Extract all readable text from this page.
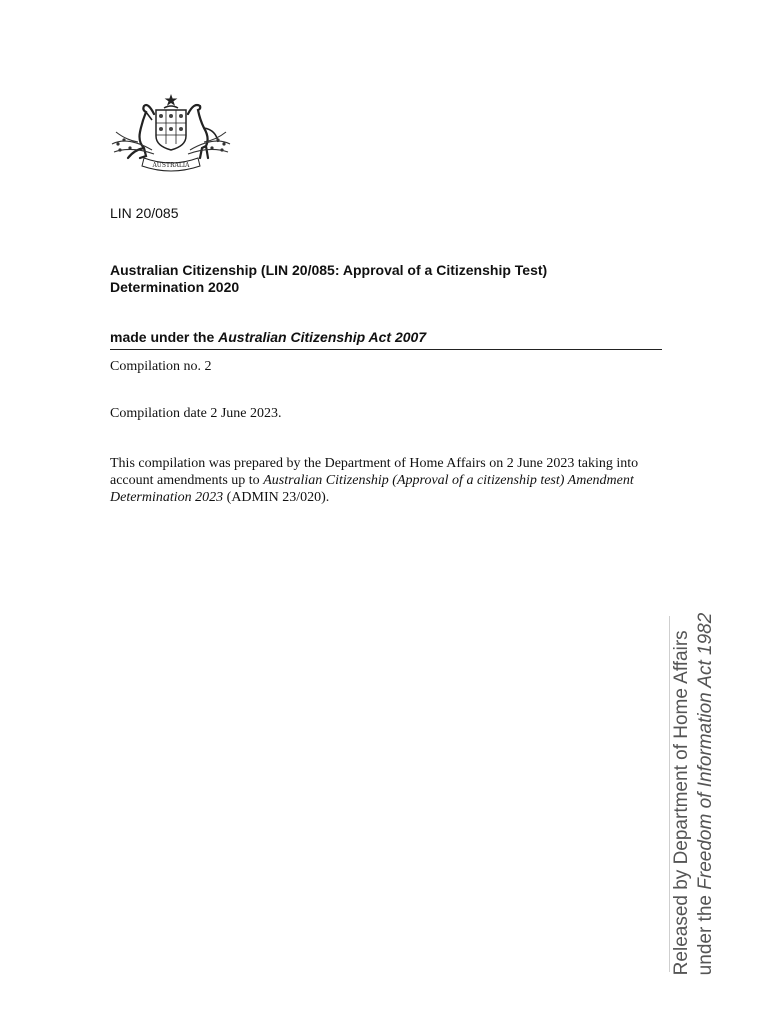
AUSTRALIA
LIN 20/085
Australian Citizenship (LIN 20/085: Approval of a Citizenship Test)
Determination 2020
made under the Australian Citizenship Act 2007
Compilation no. 2
Compilation date 2 June 2023.
This compilation was prepared by the Department of Home Affairs on 2 June 2023 taking into account amendments up to Australian Citizenship (Approval of a citizenship test) Amendment Determination 2023 (ADMIN 23/020).
Released by Department of Home Affairs under the Freedom of Information Act 1982
